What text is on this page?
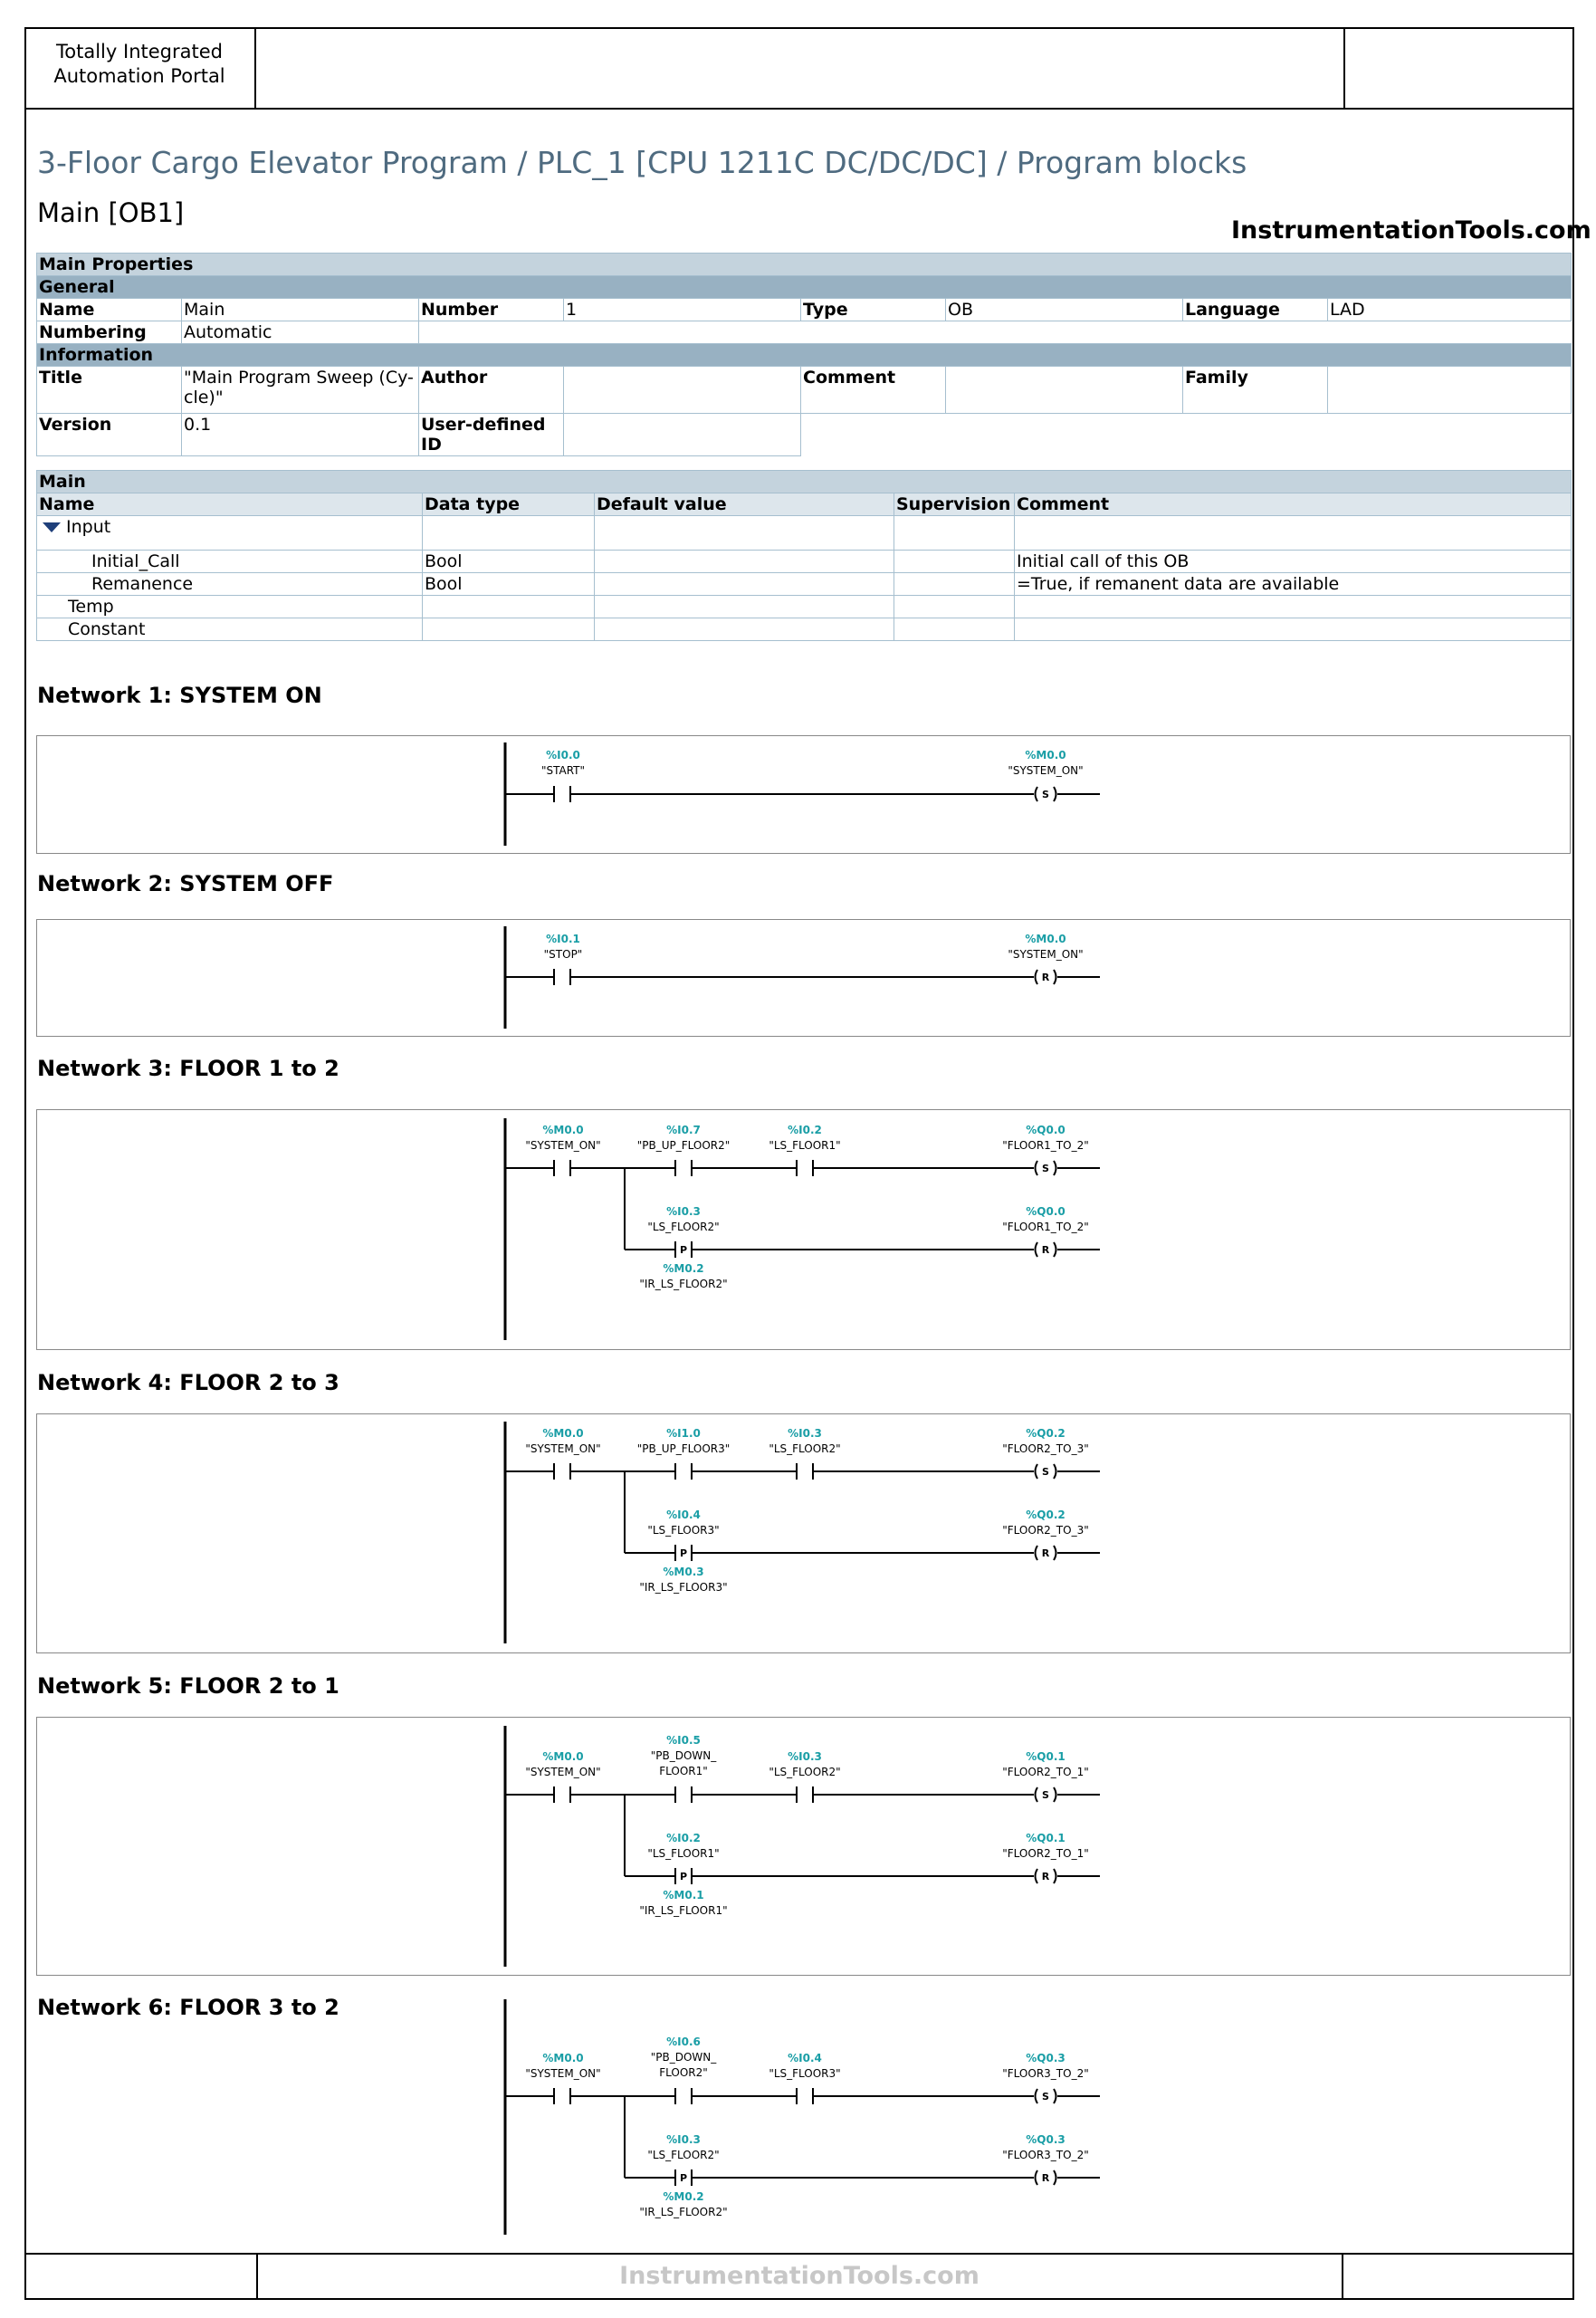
Totally Integrated
Automation Portal
3-Floor Cargo Elevator Program / PLC_1 [CPU 1211C DC/DC/DC] / Program blocks
Main [OB1]
InstrumentationTools.com
Main Properties							
General							
Name	Main	Number	1	Type	OB	Language	LAD
Numbering	Automatic						
Information							
Title	"Main Program Sweep (Cy-cle)"	Author		Comment		Family	
Version	0.1	User-defined ID					
Main				
Name	Data type	Default value	Supervision	Comment
Input				
Initial_Call	Bool			Initial call of this OB
Remanence	Bool			=True, if remanent data are available
Temp				
Constant				
Network 1: SYSTEM ON
Network 2: SYSTEM OFF
Network 3: FLOOR 1 to 2
Network 4: FLOOR 2 to 3
Network 5: FLOOR 2 to 1
Network 6: FLOOR 3 to 2
S
%I0.0
"START"
%M0.0
"SYSTEM_ON"
R
%I0.1
"STOP"
%M0.0
"SYSTEM_ON"
S
P	R
%M0.0
"SYSTEM_ON"
%I0.7
"PB_UP_FLOOR2"
%I0.2
"LS_FLOOR1"
%Q0.0
"FLOOR1_TO_2"
%I0.3
"LS_FLOOR2"
%M0.2
"IR_LS_FLOOR2"
%Q0.0
"FLOOR1_TO_2"
S
P	R
%M0.0
"SYSTEM_ON"
%I1.0
"PB_UP_FLOOR3"
%I0.3
"LS_FLOOR2"
%Q0.2
"FLOOR2_TO_3"
%I0.4
"LS_FLOOR3"
%M0.3
"IR_LS_FLOOR3"
%Q0.2
"FLOOR2_TO_3"
S
P	R
%M0.0
"SYSTEM_ON"
%I0.5
"PB_DOWN_
FLOOR1"
%I0.3
"LS_FLOOR2"
%Q0.1
"FLOOR2_TO_1"
%I0.2
"LS_FLOOR1"
%M0.1
"IR_LS_FLOOR1"
%Q0.1
"FLOOR2_TO_1"
S
P	R
%M0.0
"SYSTEM_ON"
%I0.6
"PB_DOWN_
FLOOR2"
%I0.4
"LS_FLOOR3"
%Q0.3
"FLOOR3_TO_2"
%I0.3
"LS_FLOOR2"
%M0.2
"IR_LS_FLOOR2"
%Q0.3
"FLOOR3_TO_2"
InstrumentationTools.com
